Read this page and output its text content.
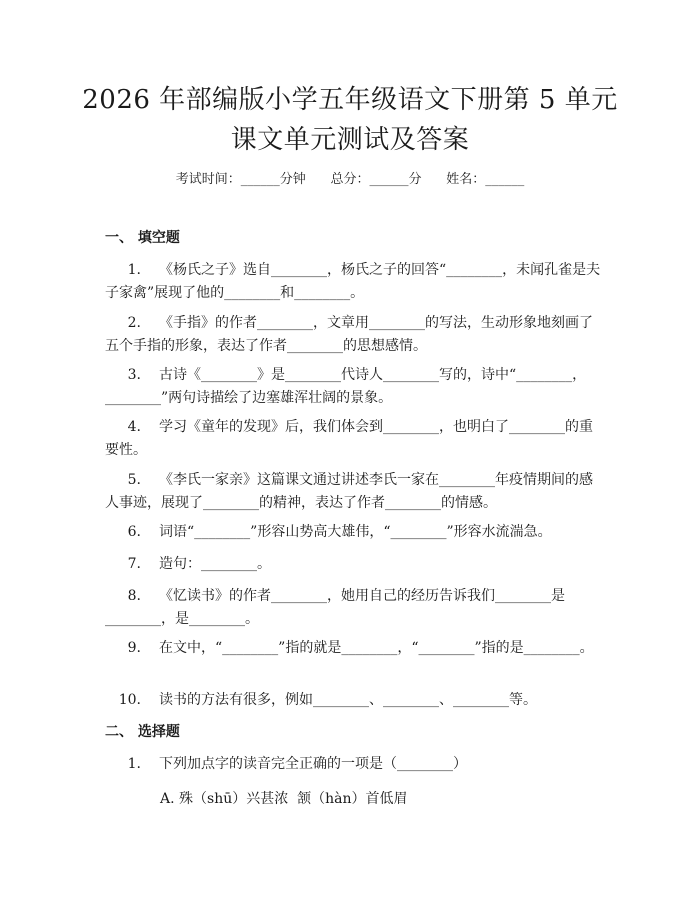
2026 年部编版小学五年级语文下册第 5 单元
课文单元测试及答案
考试时间：______分钟      总分：______分      姓名：______
一、 填空题
1. 《杨氏之子》选自________，杨氏之子的回答“________，未闻孔雀是夫子家禽”展现了他的________和________。
2. 《手指》的作者________，文章用________的写法，生动形象地刻画了五个手指的形象，表达了作者________的思想感情。
3. 古诗《________》是________代诗人________写的，诗中“________，________”两句诗描绘了边塞雄浑壮阔的景象。
4. 学习《童年的发现》后，我们体会到________，也明白了________的重要性。
5. 《李氏一家亲》这篇课文通过讲述李氏一家在________年疫情期间的感人事迹，展现了________的精神，表达了作者________的情感。
6. 词语“________”形容山势高大雄伟，“________”形容水流湍急。
7. 造句：________。
8. 《忆读书》的作者________，她用自己的经历告诉我们________是________，是________。
9. 在文中，“________”指的就是________，“________”指的是________。
10. 读书的方法有很多，例如________、________、________等。
二、 选择题
1. 下列加点字的读音完全正确的一项是（________）
A. 殊（shū）兴甚浓  颔（hàn）首低眉
